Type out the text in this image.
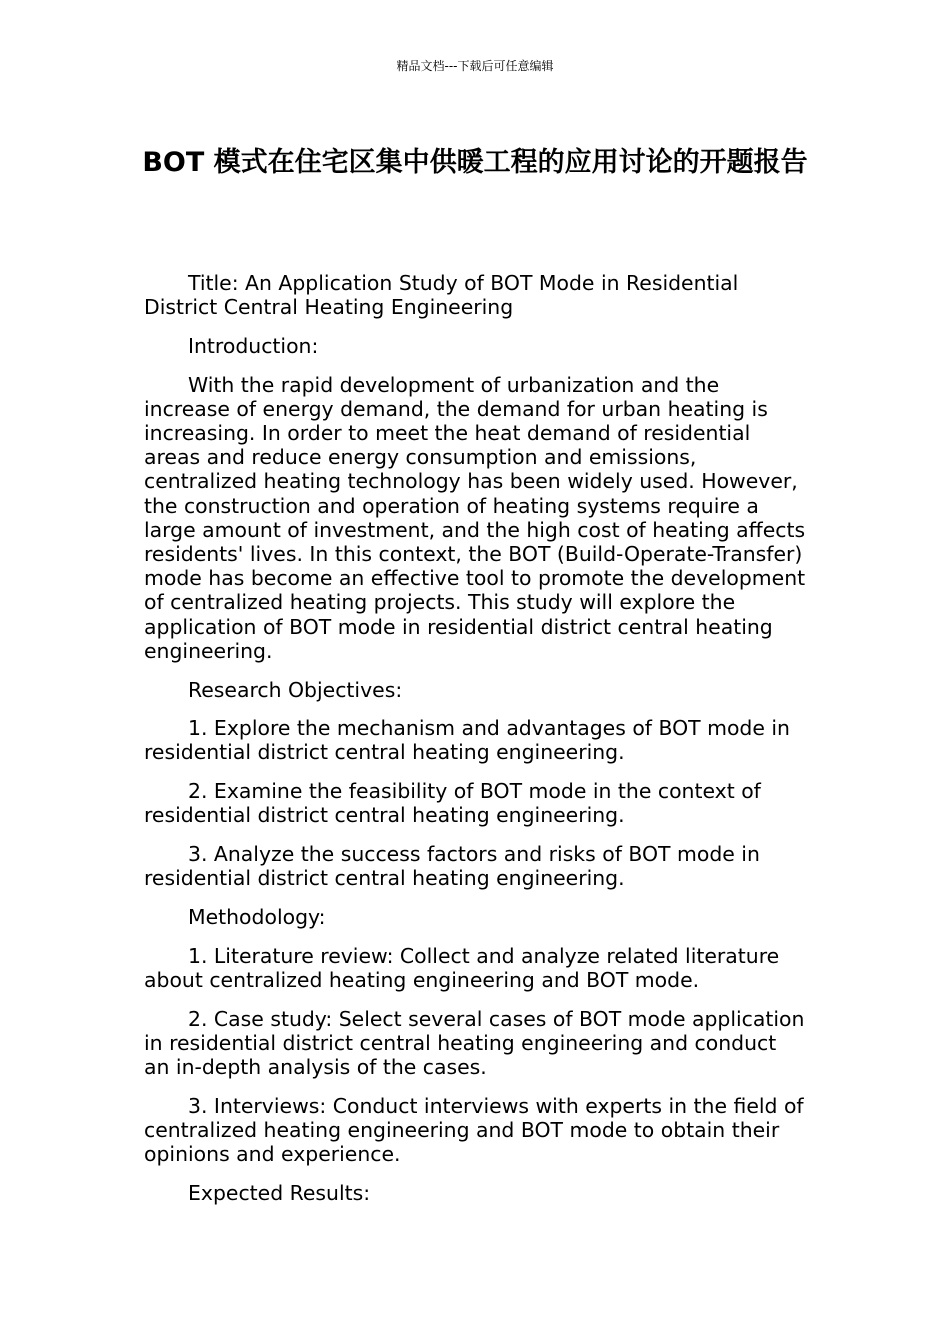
精品文档---下载后可任意编辑
BOT 模式在住宅区集中供暖工程的应用讨论的开题报告

Title: An Application Study of BOT Mode in Residential District Central Heating Engineering

Introduction:

With the rapid development of urbanization and the increase of energy demand, the demand for urban heating is increasing. In order to meet the heat demand of residential areas and reduce energy consumption and emissions, centralized heating technology has been widely used. However, the construction and operation of heating systems require a large amount of investment, and the high cost of heating affects residents' lives. In this context, the BOT (Build-Operate-Transfer) mode has become an effective tool to promote the development of centralized heating projects. This study will explore the application of BOT mode in residential district central heating engineering.

Research Objectives:

1. Explore the mechanism and advantages of BOT mode in residential district central heating engineering.

2. Examine the feasibility of BOT mode in the context of residential district central heating engineering.

3. Analyze the success factors and risks of BOT mode in residential district central heating engineering.

Methodology:

1. Literature review: Collect and analyze related literature about centralized heating engineering and BOT mode.

2. Case study: Select several cases of BOT mode application in residential district central heating engineering and conduct an in-depth analysis of the cases.

3. Interviews: Conduct interviews with experts in the field of centralized heating engineering and BOT mode to obtain their opinions and experience.

Expected Results:
